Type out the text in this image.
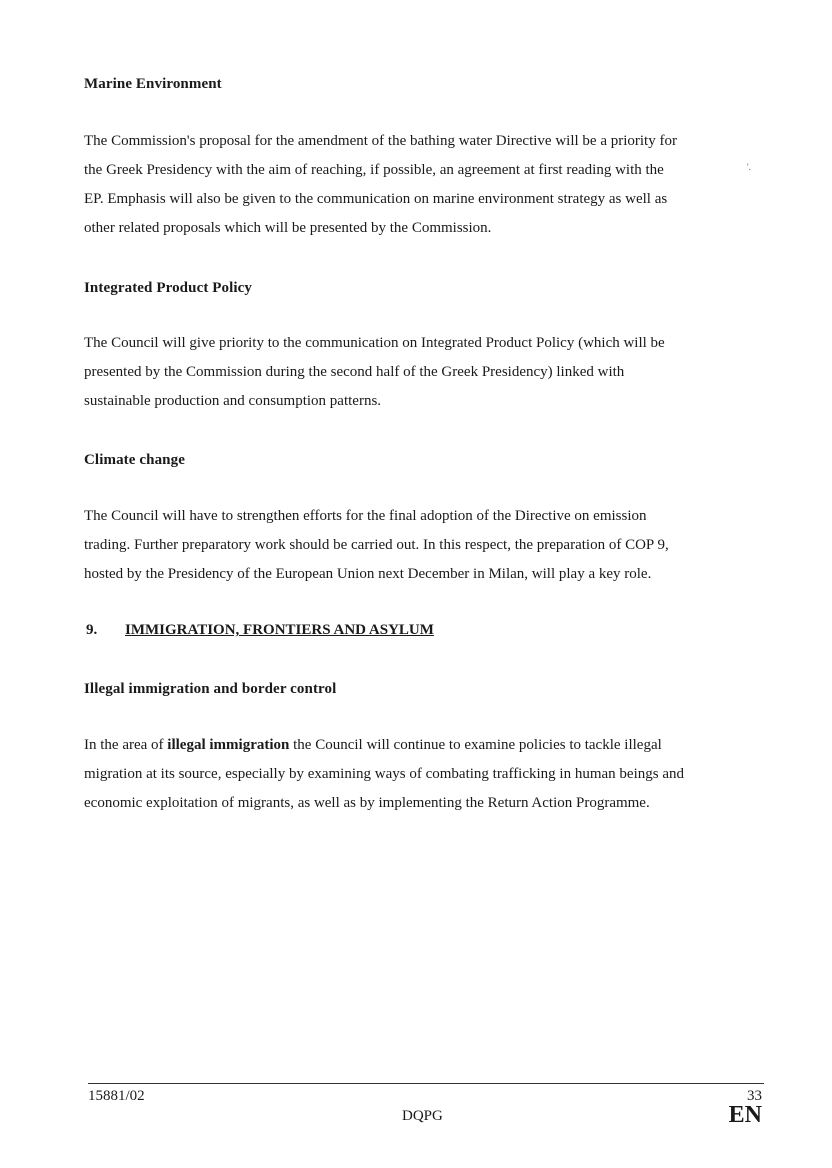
Marine Environment
The Commission's proposal for the amendment of the bathing water Directive will be a priority for
the Greek Presidency with the aim of reaching, if possible, an agreement at first reading with the
EP. Emphasis will also be given to the communication on marine environment strategy as well as
other related proposals which will be presented by the Commission.
'.
Integrated Product Policy
The Council will give priority to the communication on Integrated Product Policy (which will be
presented by the Commission during the second half of the Greek Presidency) linked with
sustainable production and consumption patterns.
Climate change
The Council will have to strengthen efforts for the final adoption of the Directive on emission
trading. Further preparatory work should be carried out. In this respect, the preparation of COP 9,
hosted by the Presidency of the European Union next December in Milan, will play a key role.
9. IMMIGRATION, FRONTIERS AND ASYLUM
Illegal immigration and border control
In the area of illegal immigration the Council will continue to examine policies to tackle illegal
migration at its source, especially by examining ways of combating trafficking in human beings and
economic exploitation of migrants, as well as by implementing the Return Action Programme.
15881/02	33
DQPG	EN
